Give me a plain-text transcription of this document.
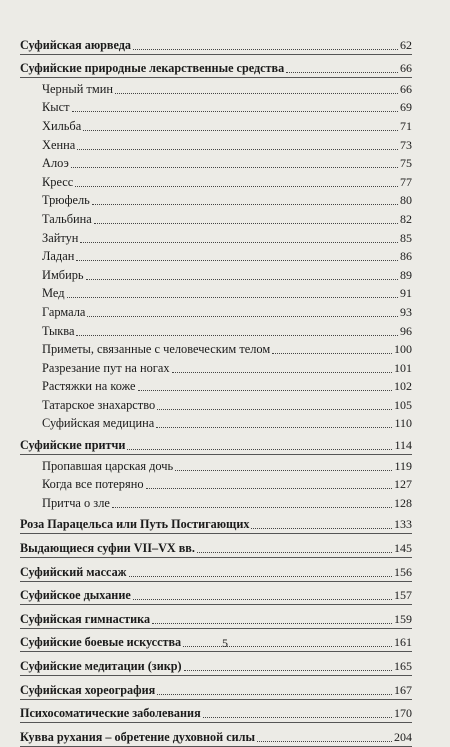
Суфийская аюрведа	62
Суфийские природные лекарственные средства	66
Черный тмин	66
Кыст	69
Хильба	71
Хенна	73
Алоэ	75
Кресс	77
Трюфель	80
Тальбина	82
Зайтун	85
Ладан	86
Имбирь	89
Мед	91
Гармала	93
Тыква	96
Приметы, связанные с человеческим телом	100
Разрезание пут на ногах	101
Растяжки на коже	102
Татарское знахарство	105
Суфийская медицина	110
Суфийские притчи	114
Пропавшая царская дочь	119
Когда все потеряно	127
Притча о зле	128
Роза Парацельса или Путь Постигающих	133
Выдающиеся суфии VII–VX вв.	145
Суфийский массаж	156
Суфийское дыхание	157
Суфийская гимнастика	159
Суфийские боевые искусства	161
Суфийские медитации (зикр)	165
Суфийская хореография	167
Психосоматические заболевания	170
Кувва рухания – обретение духовной силы	204
5
